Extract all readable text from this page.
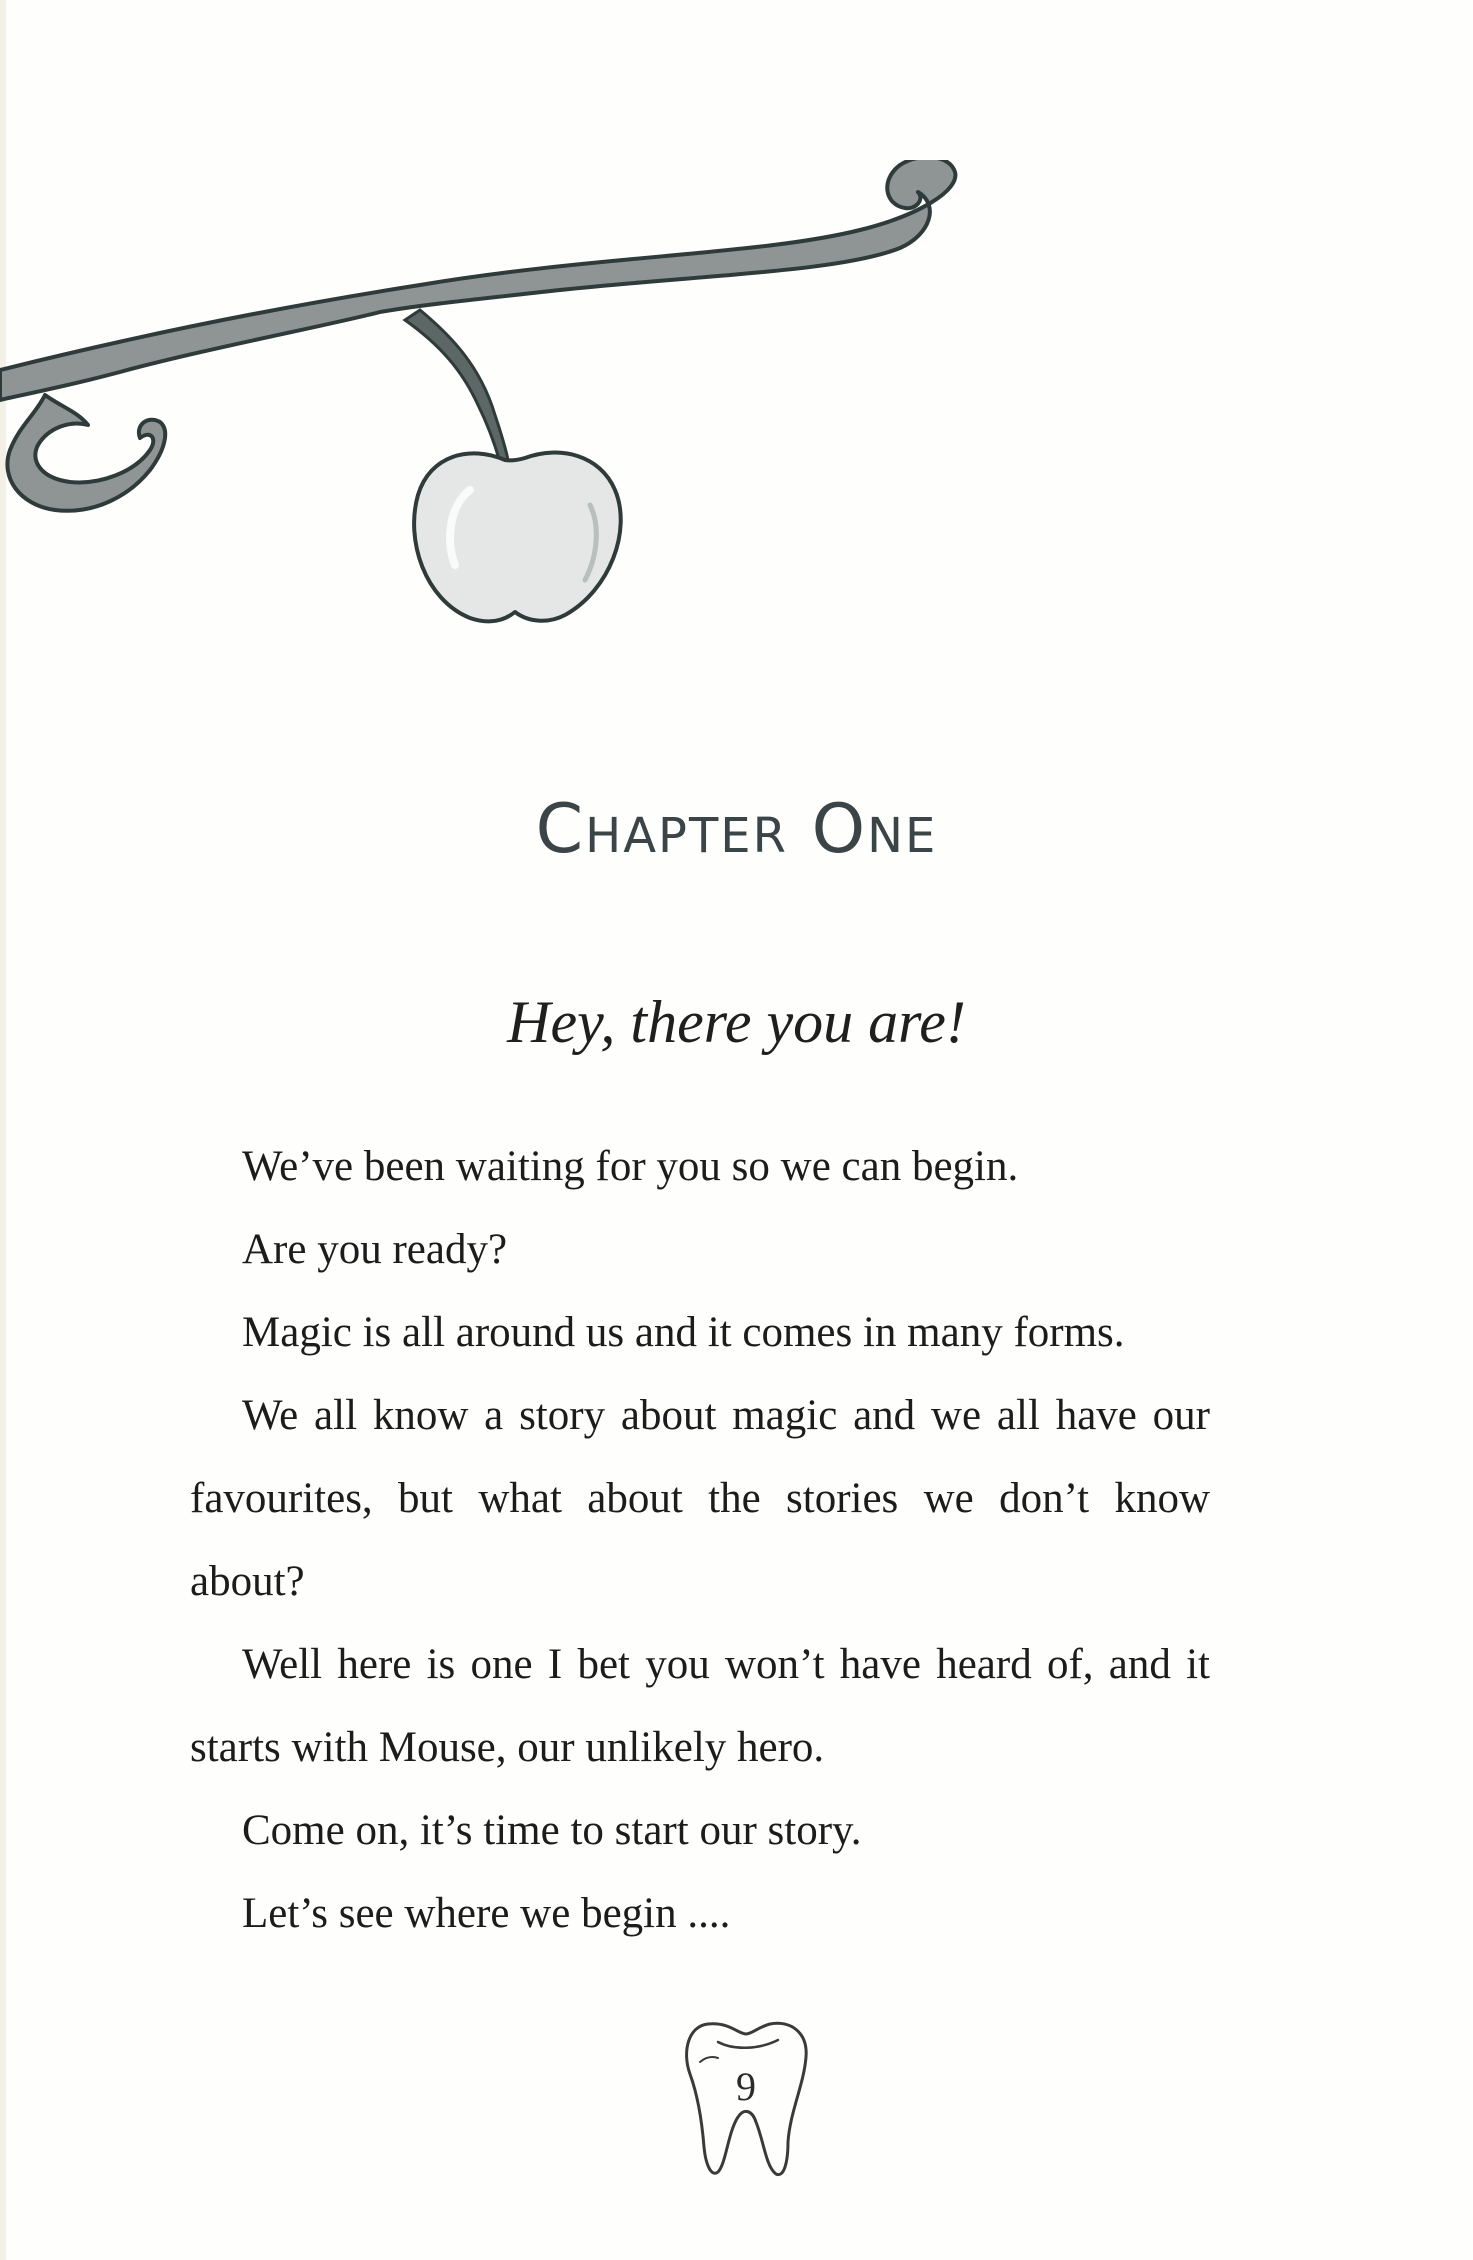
Chapter One
Hey, there you are!

We’ve been waiting for you so we can begin.

Are you ready?

Magic is all around us and it comes in many forms.

We all know a story about magic and we all have our favourites, but what about the stories we don’t know about?

Well here is one I bet you won’t have heard of, and it starts with Mouse, our unlikely hero.

Come on, it’s time to start our story.

Let’s see where we begin ....

9
